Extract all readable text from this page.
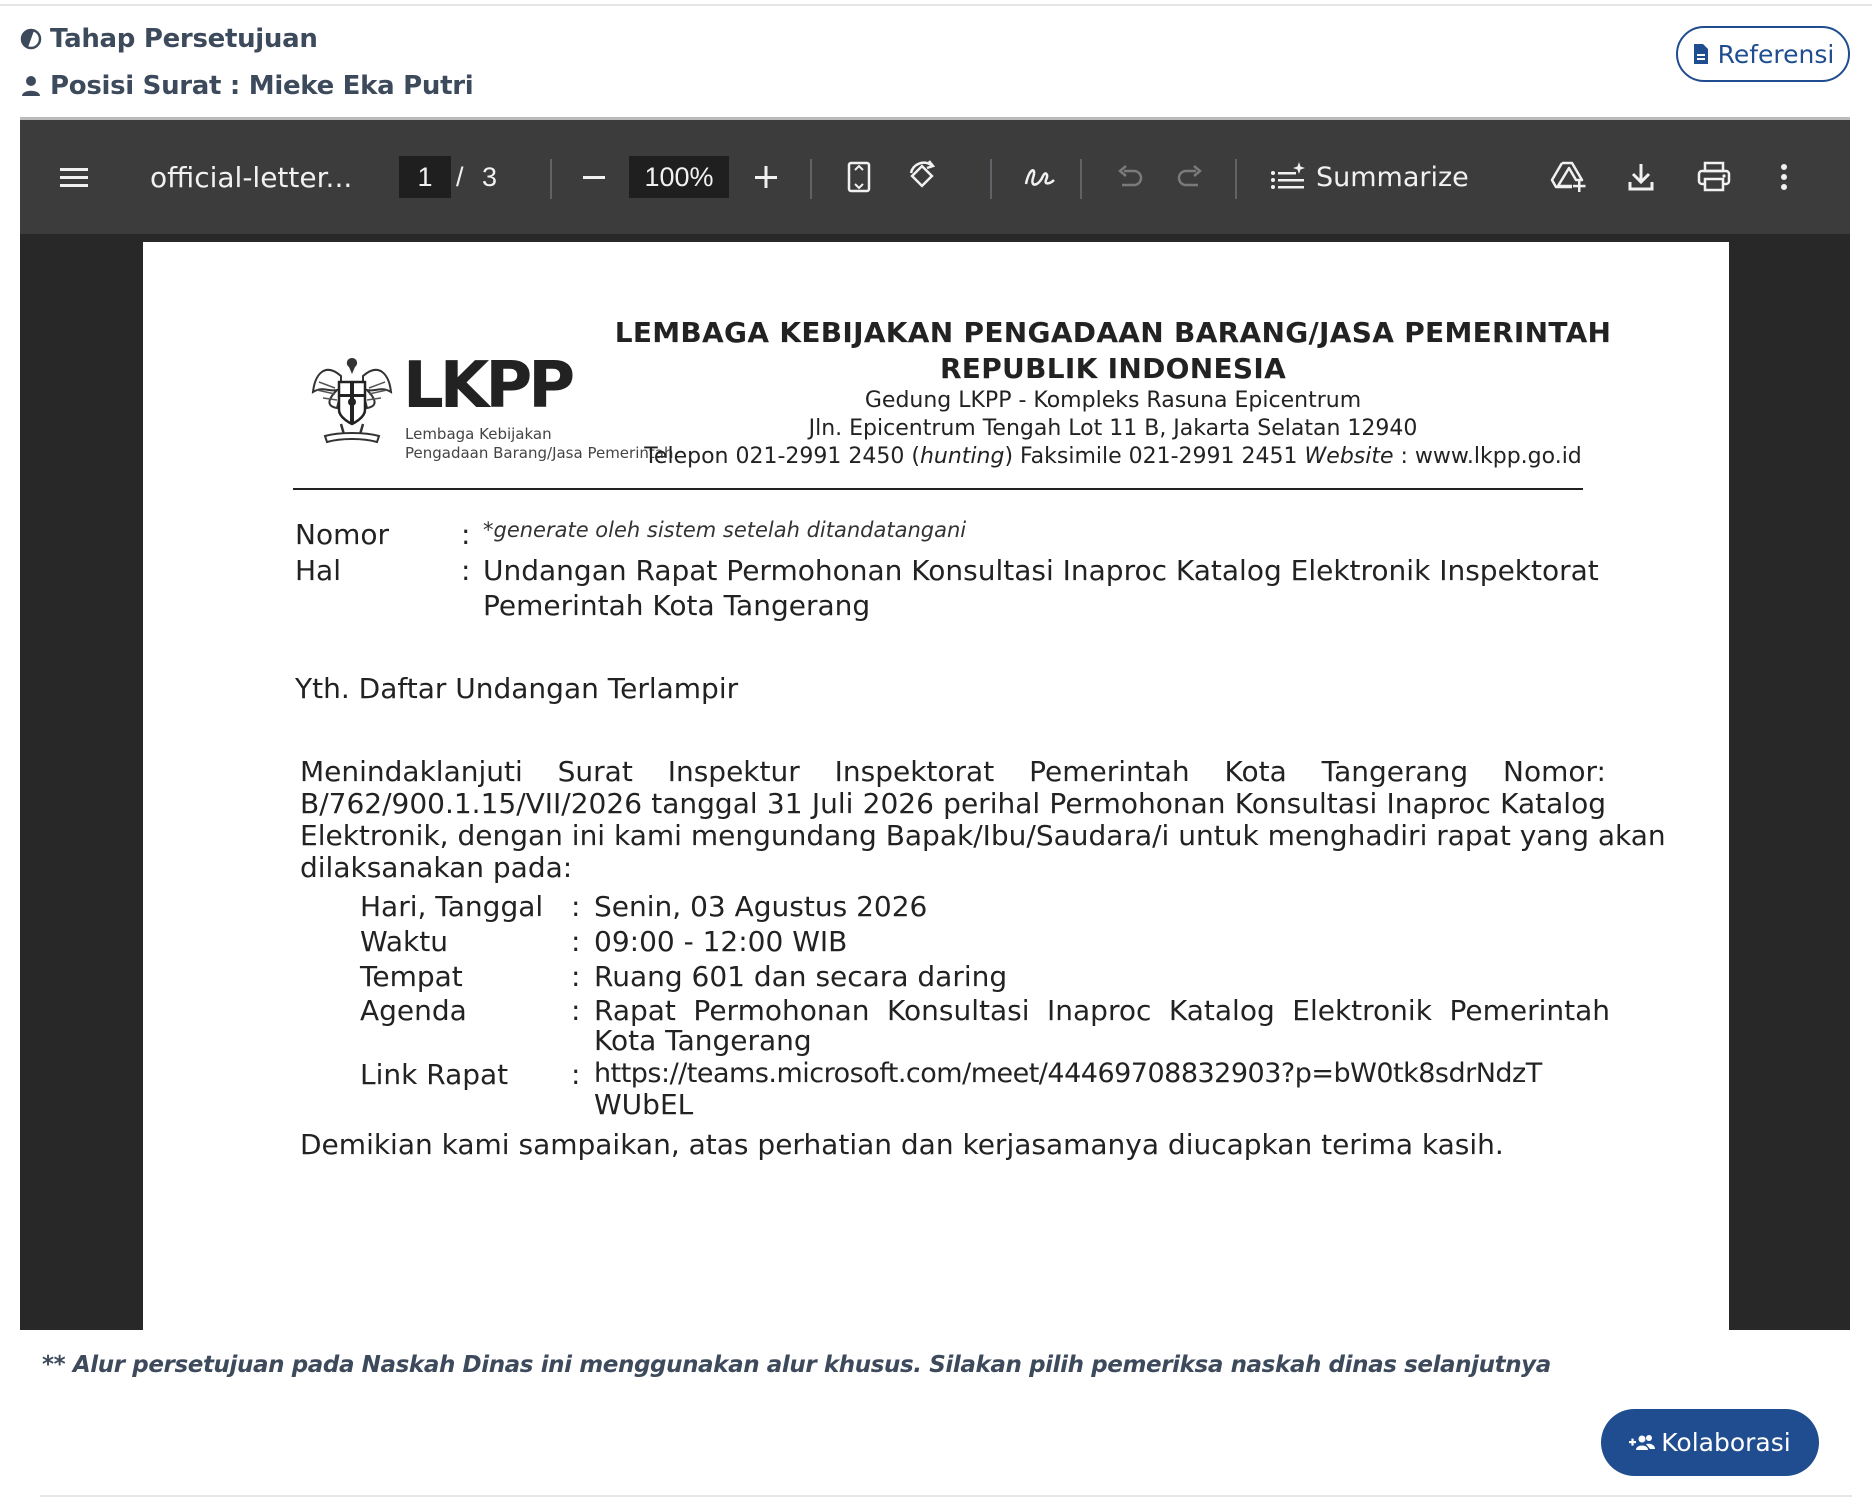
Tahap Persetujuan
Posisi Surat : Mieke Eka Putri
Referensi
official-letter...	1 / 3	100%	Summarize
LKPP
Lembaga Kebijakan
Pengadaan Barang/Jasa Pemerintah
LEMBAGA KEBIJAKAN PENGADAAN BARANG/JASA PEMERINTAH
REPUBLIK INDONESIA
Gedung LKPP - Kompleks Rasuna Epicentrum
Jln. Epicentrum Tengah Lot 11 B, Jakarta Selatan 12940
Telepon 021-2991 2450 (hunting) Faksimile 021-2991 2451 Website : www.lkpp.go.id
Nomor	: *generate oleh sistem setelah ditandatangani
Hal	: Undangan Rapat Permohonan Konsultasi Inaproc Katalog Elektronik Inspektorat
Pemerintah Kota Tangerang
Yth. Daftar Undangan Terlampir
Menindaklanjuti Surat Inspektur Inspektorat Pemerintah Kota Tangerang Nomor:
B/762/900.1.15/VII/2026 tanggal 31 Juli 2026 perihal Permohonan Konsultasi Inaproc Katalog
Elektronik, dengan ini kami mengundang Bapak/Ibu/Saudara/i untuk menghadiri rapat yang akan
dilaksanakan pada:
Hari, Tanggal : Senin, 03 Agustus 2026
Waktu	: 09:00 - 12:00 WIB
Tempat	: Ruang 601 dan secara daring
Agenda	: Rapat Permohonan Konsultasi Inaproc Katalog Elektronik Pemerintah
Kota Tangerang
Link Rapat : https://teams.microsoft.com/meet/44469708832903?p=bW0tk8sdrNdzT
WUbEL
Demikian kami sampaikan, atas perhatian dan kerjasamanya diucapkan terima kasih.
** Alur persetujuan pada Naskah Dinas ini menggunakan alur khusus. Silakan pilih pemeriksa naskah dinas selanjutnya
Kolaborasi
